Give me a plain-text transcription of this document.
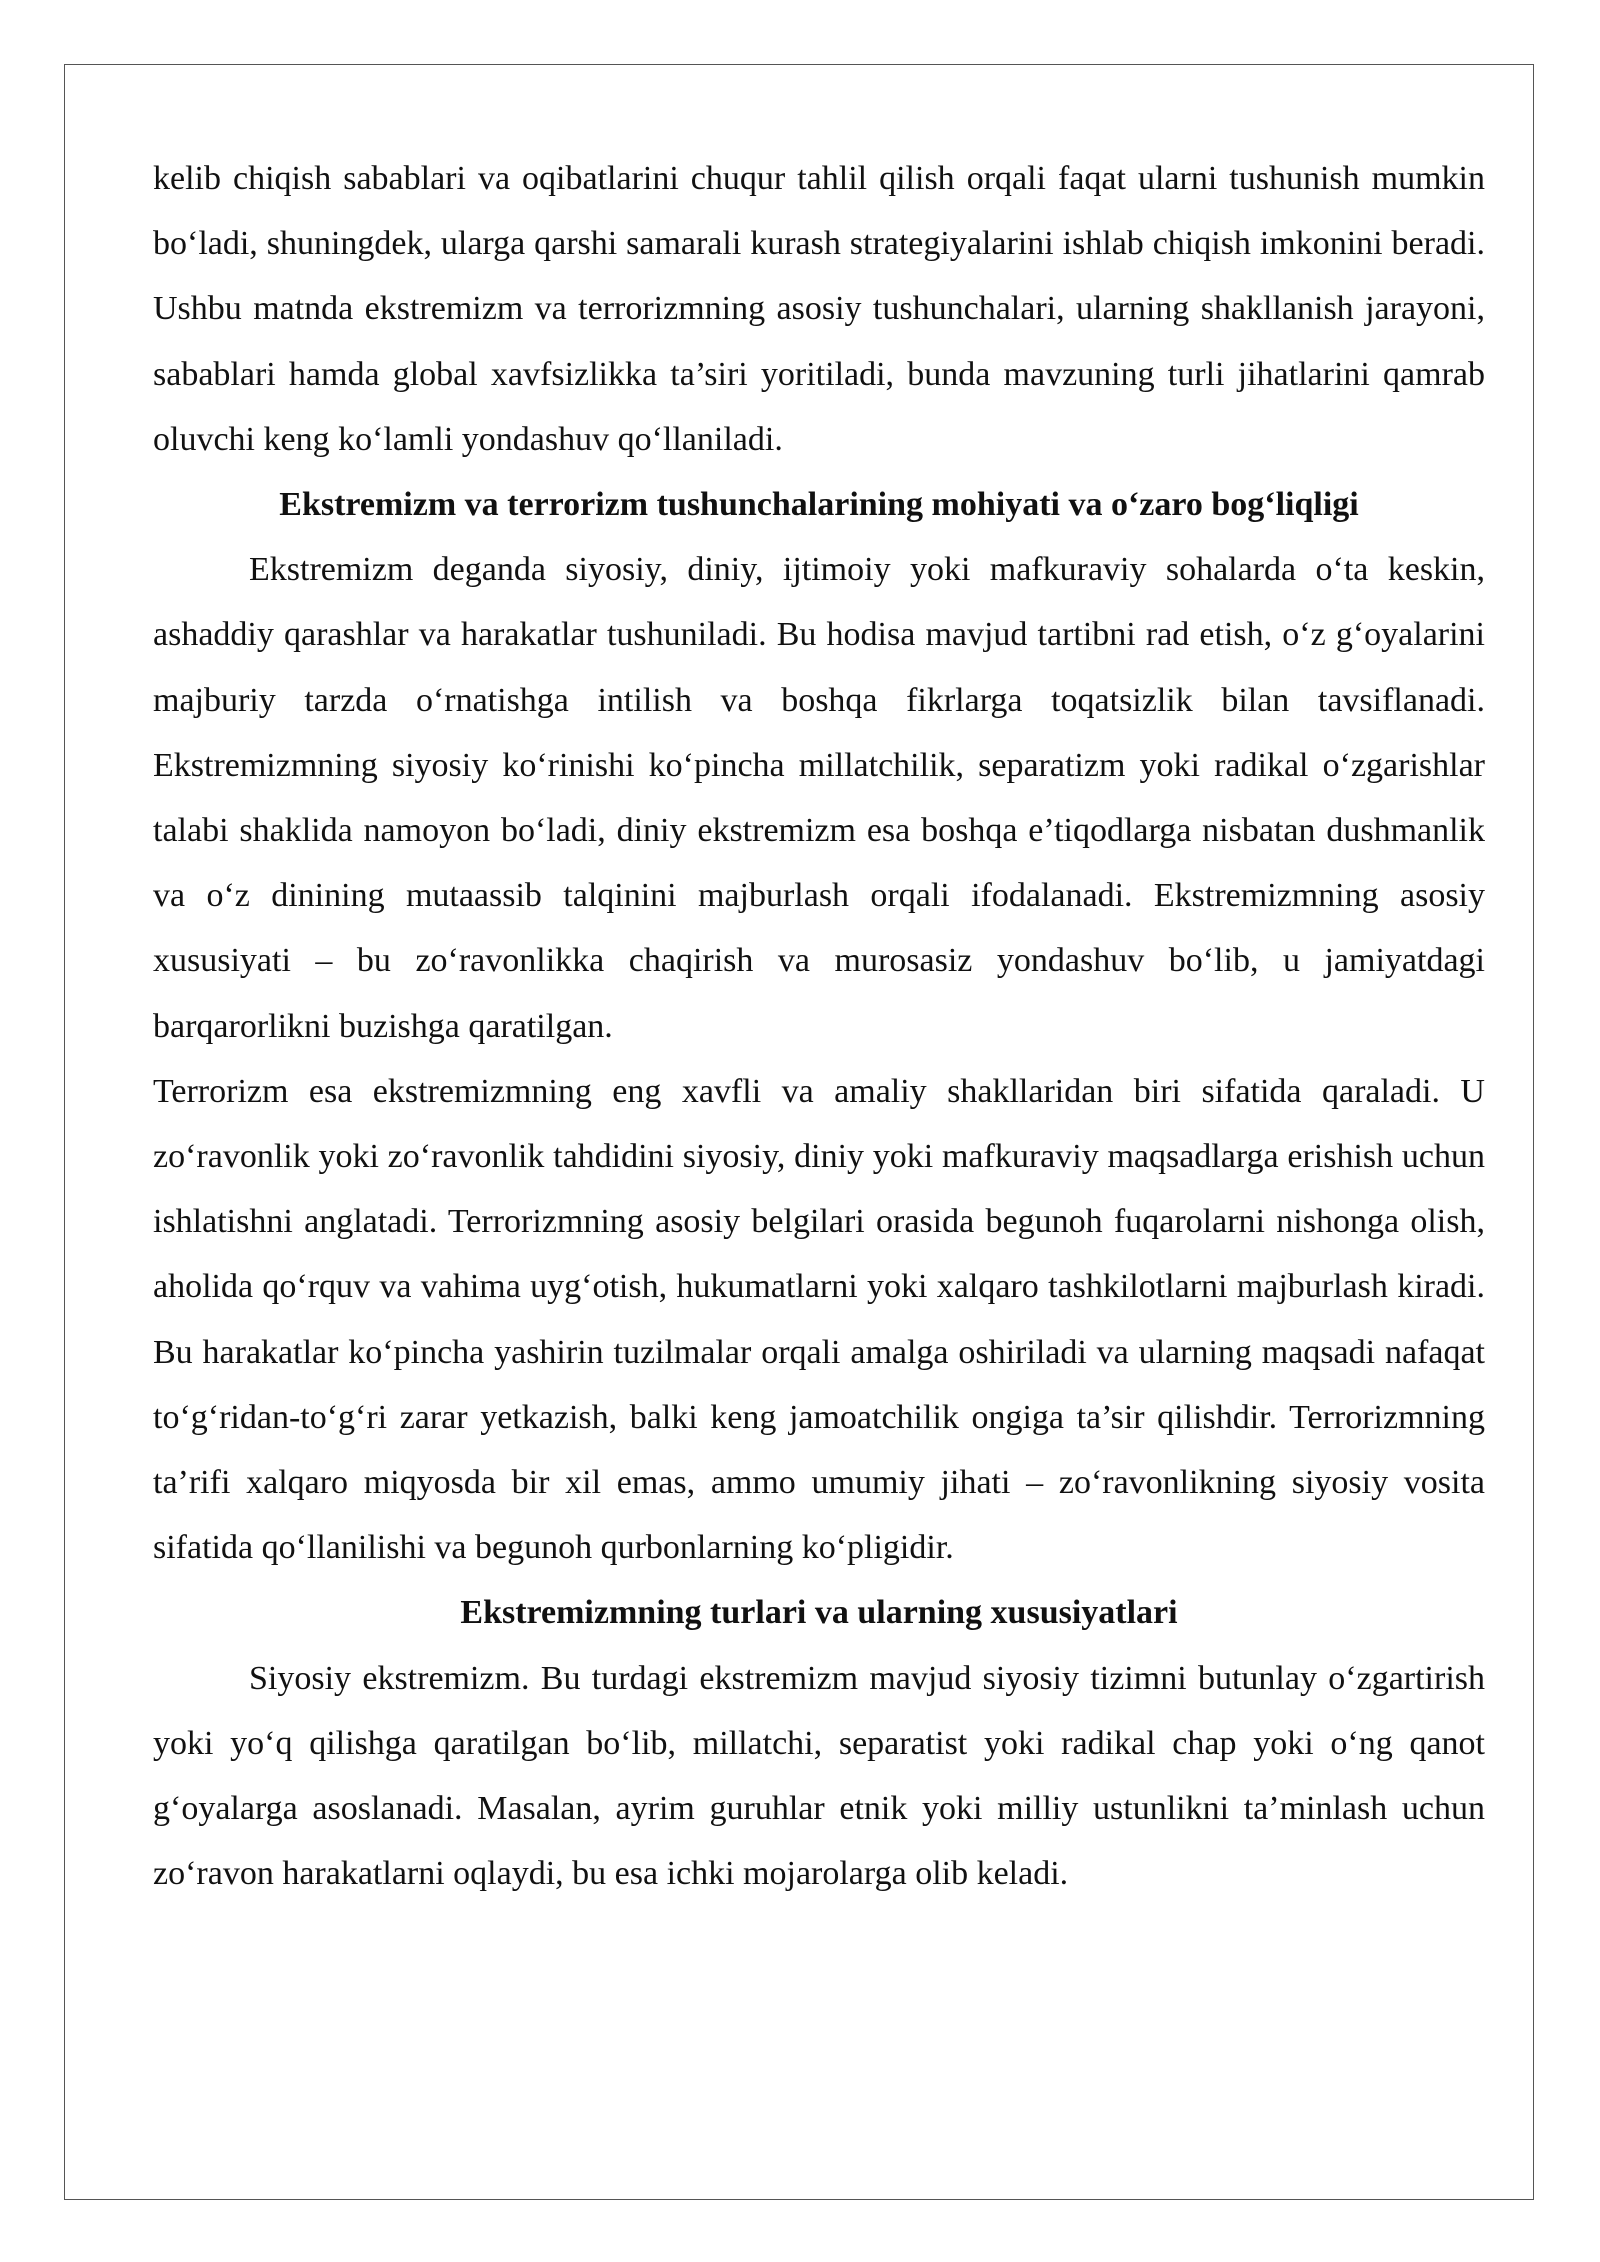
kelib chiqish sabablari va oqibatlarini chuqur tahlil qilish orqali faqat ularni tushunish mumkin bo‘ladi, shuningdek, ularga qarshi samarali kurash strategiyalarini ishlab chiqish imkonini beradi. Ushbu matnda ekstremizm va terrorizmning asosiy tushunchalari, ularning shakllanish jarayoni, sabablari hamda global xavfsizlikka ta’siri yoritiladi, bunda mavzuning turli jihatlarini qamrab oluvchi keng ko‘lamli yondashuv qo‘llaniladi.

Ekstremizm va terrorizm tushunchalarining mohiyati va o‘zaro bog‘liqligi

Ekstremizm deganda siyosiy, diniy, ijtimoiy yoki mafkuraviy sohalarda o‘ta keskin, ashaddiy qarashlar va harakatlar tushuniladi. Bu hodisa mavjud tartibni rad etish, o‘z g‘oyalarini majburiy tarzda o‘rnatishga intilish va boshqa fikrlarga toqatsizlik bilan tavsiflanadi. Ekstremizmning siyosiy ko‘rinishi ko‘pincha millatchilik, separatizm yoki radikal o‘zgarishlar talabi shaklida namoyon bo‘ladi, diniy ekstremizm esa boshqa e’tiqodlarga nisbatan dushmanlik va o‘z dinining mutaassib talqinini majburlash orqali ifodalanadi. Ekstremizmning asosiy xususiyati – bu zo‘ravonlikka chaqirish va murosasiz yondashuv bo‘lib, u jamiyatdagi barqarorlikni buzishga qaratilgan.

Terrorizm esa ekstremizmning eng xavfli va amaliy shakllaridan biri sifatida qaraladi. U zo‘ravonlik yoki zo‘ravonlik tahdidini siyosiy, diniy yoki mafkuraviy maqsadlarga erishish uchun ishlatishni anglatadi. Terrorizmning asosiy belgilari orasida begunoh fuqarolarni nishonga olish, aholida qo‘rquv va vahima uyg‘otish, hukumatlarni yoki xalqaro tashkilotlarni majburlash kiradi. Bu harakatlar ko‘pincha yashirin tuzilmalar orqali amalga oshiriladi va ularning maqsadi nafaqat to‘g‘ridan-to‘g‘ri zarar yetkazish, balki keng jamoatchilik ongiga ta’sir qilishdir. Terrorizmning ta’rifi xalqaro miqyosda bir xil emas, ammo umumiy jihati – zo‘ravonlikning siyosiy vosita sifatida qo‘llanilishi va begunoh qurbonlarning ko‘pligidir.

Ekstremizmning turlari va ularning xususiyatlari

Siyosiy ekstremizm. Bu turdagi ekstremizm mavjud siyosiy tizimni butunlay o‘zgartirish yoki yo‘q qilishga qaratilgan bo‘lib, millatchi, separatist yoki radikal chap yoki o‘ng qanot g‘oyalarga asoslanadi. Masalan, ayrim guruhlar etnik yoki milliy ustunlikni ta’minlash uchun zo‘ravon harakatlarni oqlaydi, bu esa ichki mojarolarga olib keladi.
